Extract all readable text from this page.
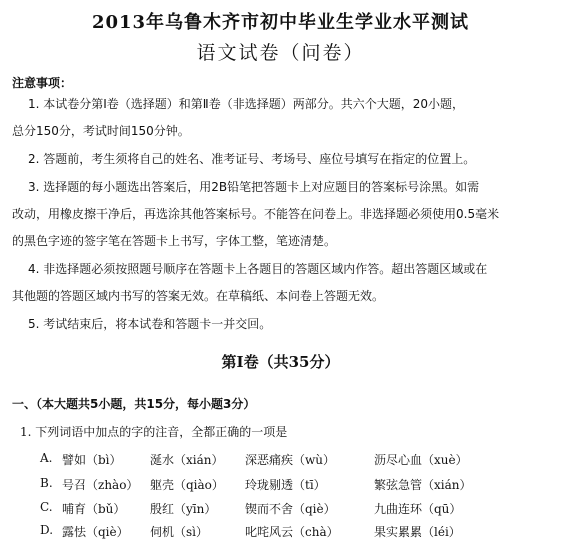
2013年乌鲁木齐市初中毕业生学业水平测试
语文试卷（问卷）
注意事项：
1. 本试卷分第Ⅰ卷（选择题）和第Ⅱ卷（非选择题）两部分。共六个大题，20小题，
总分150分，考试时间150分钟。
2. 答题前，考生须将自己的姓名、准考证号、考场号、座位号填写在指定的位置上。
3. 选择题的每小题选出答案后，用2B铅笔把答题卡上对应题目的答案标号涂黑。如需
改动，用橡皮擦干净后，再选涂其他答案标号。不能答在问卷上。非选择题必须使用0.5毫米
的黑色字迹的签字笔在答题卡上书写，字体工整，笔迹清楚。
4. 非选择题必须按照题号顺序在答题卡上各题目的答题区域内作答。超出答题区域或在
其他题的答题区域内书写的答案无效。在草稿纸、本问卷上答题无效。
5. 考试结束后，将本试卷和答题卡一并交回。
第Ⅰ卷（共35分）
一、（本大题共5小题，共15分，每小题3分）
1. 下列词语中加点的字的注音，全都正确的一项是
A. 譬如（bì） 涎水（xián） 深恶痛疾（wù）	沥尽心血（xuè）
B. 号召（zhào） 躯壳（qiào） 玲珑剔透（tī）	繁弦急管（xián）
C. 哺育（bǔ） 殷红（yīn） 锲而不舍（qiè）	九曲连环（qū）
D. 露怯（qiè） 伺机（sì）	叱咤风云（chà）	果实累累（léi）
